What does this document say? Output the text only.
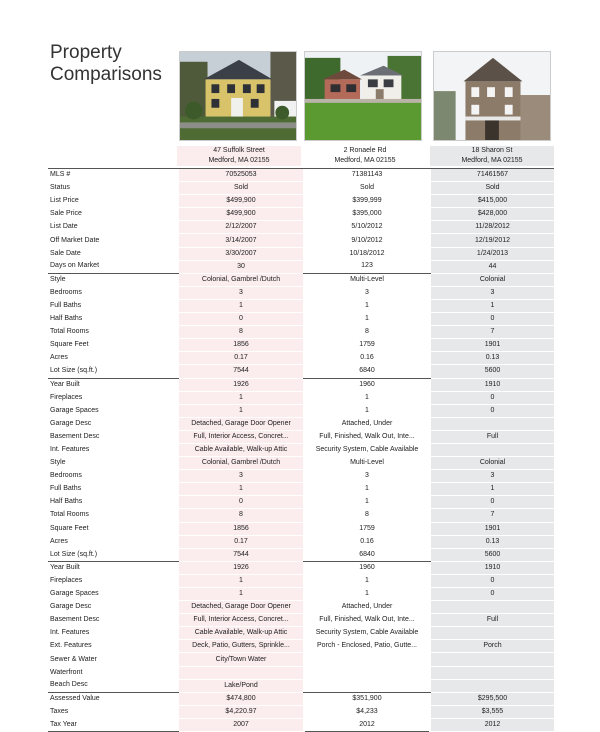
Property
Comparisons
47 Suffolk Street
Medford, MA 02155
2 Ronaele Rd
Medford, MA 02155
18 Sharon St
Medford, MA 02155
MLS #	70525053		71381143		71461567
Status	Sold		Sold		Sold
List Price	$499,900		$399,999		$415,000
Sale Price	$499,900		$395,000		$428,000
List Date	2/12/2007		5/10/2012		11/28/2012
Off Market Date	3/14/2007		9/10/2012		12/19/2012
Sale Date	3/30/2007		10/18/2012		1/24/2013
Days on Market	30		123		44
Style	Colonial, Gambrel /Dutch		Multi-Level		Colonial
Bedrooms	3		3		3
Full Baths	1		1		1
Half Baths	0		1		0
Total Rooms	8		8		7
Square Feet	1856		1759		1901
Acres	0.17		0.16		0.13
Lot Size (sq.ft.)	7544		6840		5600
Year Built	1926		1960		1910
Fireplaces	1		1		0
Garage Spaces	1		1		0
Garage Desc	Detached, Garage Door Opener		Attached, Under		
Basement Desc	Full, Interior Access, Concret...		Full, Finished, Walk Out, Inte...		Full
Int. Features	Cable Available, Walk-up Attic		Security System, Cable Available		
Style	Colonial, Gambrel /Dutch		Multi-Level		Colonial
Bedrooms	3		3		3
Full Baths	1		1		1
Half Baths	0		1		0
Total Rooms	8		8		7
Square Feet	1856		1759		1901
Acres	0.17		0.16		0.13
Lot Size (sq.ft.)	7544		6840		5600
Year Built	1926		1960		1910
Fireplaces	1		1		0
Garage Spaces	1		1		0
Garage Desc	Detached, Garage Door Opener		Attached, Under		
Basement Desc	Full, Interior Access, Concret...		Full, Finished, Walk Out, Inte...		Full
Int. Features	Cable Available, Walk-up Attic		Security System, Cable Available		
Ext. Features	Deck, Patio, Gutters, Sprinkle...		Porch - Enclosed, Patio, Gutte...		Porch
Sewer & Water	City/Town Water				
Waterfront					
Beach Desc	Lake/Pond				
Assessed Value	$474,800		$351,900		$295,500
Taxes	$4,220.97		$4,233		$3,555
Tax Year	2007		2012		2012
